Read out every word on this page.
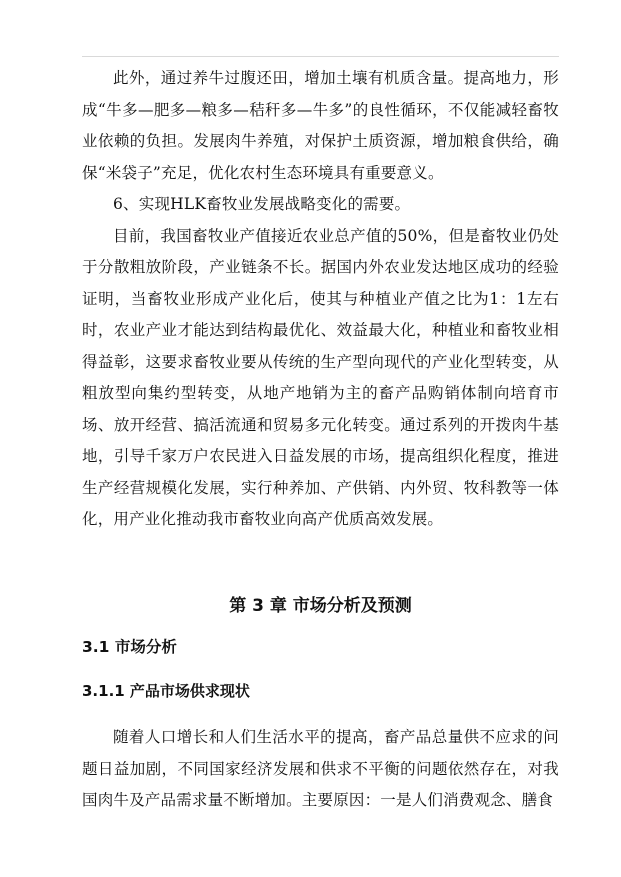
此外，通过养牛过腹还田，增加土壤有机质含量。提高地力，形成“牛多—肥多—粮多—秸秆多—牛多”的良性循环，不仅能减轻畜牧业依赖的负担。发展肉牛养殖，对保护土质资源，增加粮食供给，确保“米袋子”充足，优化农村生态环境具有重要意义。

6、实现HLK畜牧业发展战略变化的需要。

目前，我国畜牧业产值接近农业总产值的50%，但是畜牧业仍处于分散粗放阶段，产业链条不长。据国内外农业发达地区成功的经验证明，当畜牧业形成产业化后，使其与种植业产值之比为1：1左右时，农业产业才能达到结构最优化、效益最大化，种植业和畜牧业相得益彰，这要求畜牧业要从传统的生产型向现代的产业化型转变，从粗放型向集约型转变，从地产地销为主的畜产品购销体制向培育市场、放开经营、搞活流通和贸易多元化转变。通过系列的开拨肉牛基地，引导千家万户农民进入日益发展的市场，提高组织化程度，推进生产经营规模化发展，实行种养加、产供销、内外贸、牧科教等一体化，用产业化推动我市畜牧业向高产优质高效发展。

第 3 章 市场分析及预测
3.1 市场分析
3.1.1 产品市场供求现状

随着人口增长和人们生活水平的提高，畜产品总量供不应求的问题日益加剧，不同国家经济发展和供求不平衡的问题依然存在，对我国肉牛及产品需求量不断增加。主要原因：一是人们消费观念、膳食
